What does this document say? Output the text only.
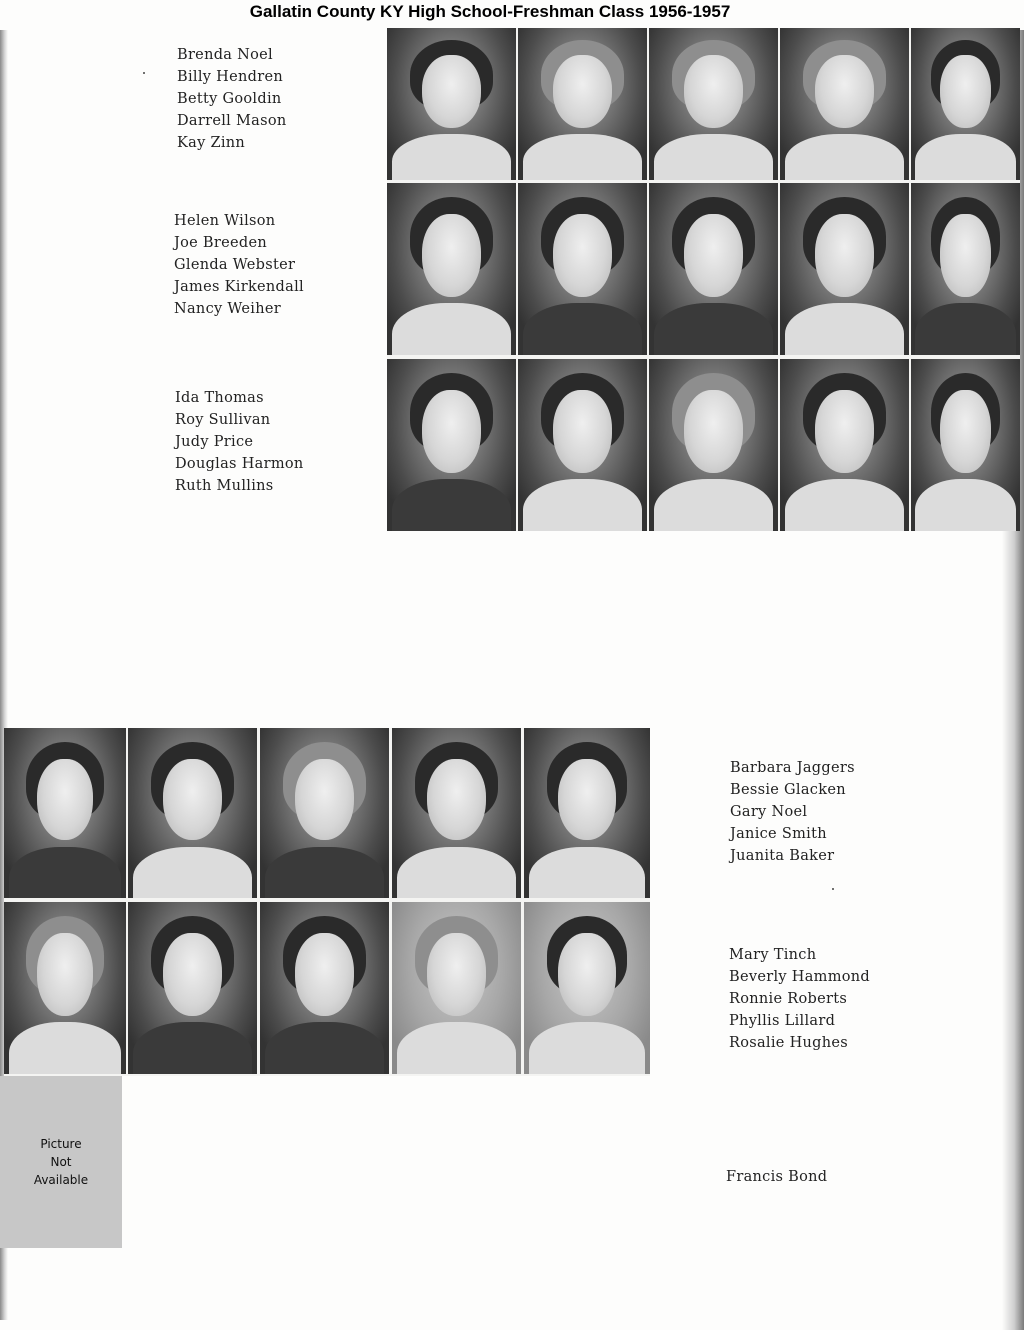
Gallatin County KY High School-Freshman Class 1956-1957
Brenda Noel
Billy Hendren
Betty Gooldin
Darrell Mason
Kay Zinn
Helen Wilson
Joe Breeden
Glenda Webster
James Kirkendall
Nancy Weiher
Ida Thomas
Roy Sullivan
Judy Price
Douglas Harmon
Ruth Mullins
Barbara Jaggers
Bessie Glacken
Gary Noel
Janice Smith
Juanita Baker
Mary Tinch
Beverly Hammond
Ronnie Roberts
Phyllis Lillard
Rosalie Hughes
Picture
Not
Available	Francis Bond
